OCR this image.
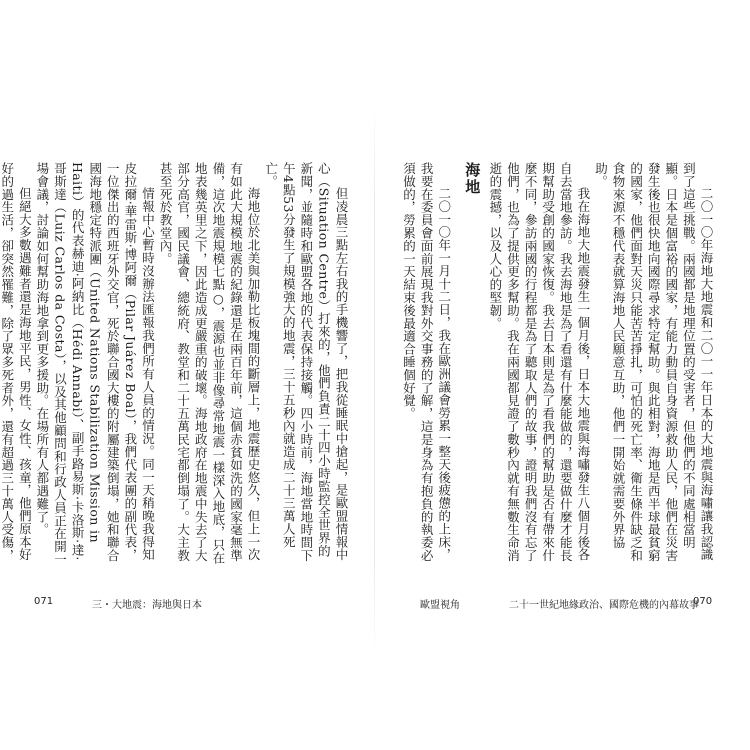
但凌晨三點左右我的手機響了，把我從睡眠中搶起，是歐盟情報中心（Situation Centre）打來的，他們負責二十四小時監控全世界的新聞，並隨時和歐盟各地的代表保持接觸。四小時前，海地當地時間下午4點53分發生了規模強大的地震，三十五秒內就造成二十三萬人死亡。

海地位於北美與加勒比板塊間的斷層上，地震歷史悠久，但上一次有如此大規模地震的紀錄還是在兩百年前，這個赤貧如洗的國家毫無準備，這次地震規模七點○，震源也並非像尋常地震一樣深入地底，只在地表幾英里之下，因此造成更嚴重的破壞。海地政府在地震中失去了大部分高官，國民議會、總統府、教堂和二十五萬民宅都倒塌了。大主教甚至死於教堂內。

情報中心暫時沒辦法匯報我們所有人員的情況。同一天稍晚我得知皮拉爾‧華雷斯‧博阿爾（Pilar Juárez Boal），我們代表團的副代表，一位傑出的西班牙外交官，死於聯合國大樓的附屬建築倒塌，她和聯合國海地穩定特派團（United Nations Stabilization Mission in Haiti）的代表赫迪‧阿納比（Hédi Annabi）、副手路易斯‧卡洛斯‧達‧哥斯達（Luiz Carlos da Costa），以及其他顧問和行政人員正在開一場會議，討論如何幫助海地拿到更多援助。在場所有人都遇難了。

但絕大多數遇難者還是海地平民，男性、女性、孩童，他們原本好好的過生活，卻突然罹難，除了眾多死者外，還有超過三十萬人受傷，

071	三・大地震：海地與日本

二〇一〇年海地大地震和二〇一一年日本的大地震與海嘯讓我認識到了這些挑戰。兩國都是地理位置的受害者，但他們的不同處相當明顯。日本是個富裕的國家，有能力動員自身資源救助人民，他們在災害發生後也很快地向國際尋求特定幫助。與此相對，海地是西半球最貧窮的國家，他們面對天災只能苦苦掙扎，可怕的死亡率、衛生條件缺乏和食物來源不穩代表就算海地人民願意互助，他們一開始就需要外界協助。

我在海地大地震發生一個月後，日本大地震與海嘯發生八個月後各自去當地參訪。我去海地是為了看還有什麼能做的，還要做什麼才能長期幫助受創的國家恢復。我去日本則是為了看我們的幫助是否有帶來什麼不同，參訪兩國的行程都是為了聽取人們的故事，證明我們沒有忘了他們，也為了提供更多幫助。我在兩國都見證了數秒內就有無數生命消逝的震撼，以及人心的堅韌。

海地

二〇一〇年一月十二日，我在歐洲議會勞累一整天後疲憊的上床，我要在委員會面前展現我對外交事務的了解，這是身為有抱負的執委必須做的，勞累的一天結束後最適合睡個好覺。

歐盟視角	二十一世紀地緣政治、國際危機的內幕故事
070
